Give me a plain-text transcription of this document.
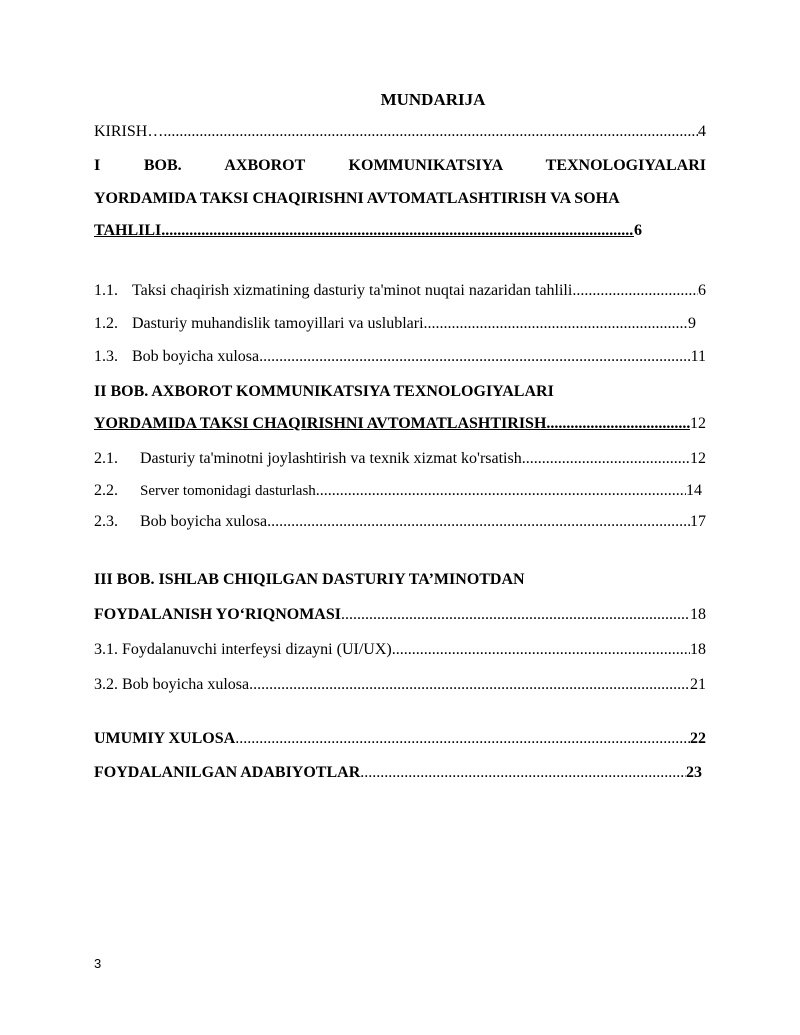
MUNDARIJA
KIRISH… .....	4
I BOB. AXBOROT KOMMUNIKATSIYA TEXNOLOGIYALARI
YORDAMIDA TAKSI CHAQIRISHNI AVTOMATLASHTIRISH VA SOHA
TAHLILI .....	6
1.1. Taksi chaqirish xizmatining dasturiy ta'minot nuqtai nazaridan tahlili .....	6
1.2. Dasturiy muhandislik tamoyillari va uslublari .....	9
1.3. Bob boyicha xulosa .....	11
II BOB. AXBOROT KOMMUNIKATSIYA TEXNOLOGIYALARI
YORDAMIDA TAKSI CHAQIRISHNI AVTOMATLASHTIRISH .....	12
2.1. Dasturiy ta'minotni joylashtirish va texnik xizmat ko'rsatish .....	12
2.2. Server tomonidagi dasturlash .....	14
2.3. Bob boyicha xulosa .....	17
III BOB. ISHLAB CHIQILGAN DASTURIY TA’MINOTDAN
FOYDALANISH YO‘RIQNOMASI .....	18
3.1. Foydalanuvchi interfeysi dizayni (UI/UX) .....	18
3.2. Bob boyicha xulosa .....	21
UMUMIY XULOSA .....	22
FOYDALANILGAN ADABIYOTLAR .....	23
3
